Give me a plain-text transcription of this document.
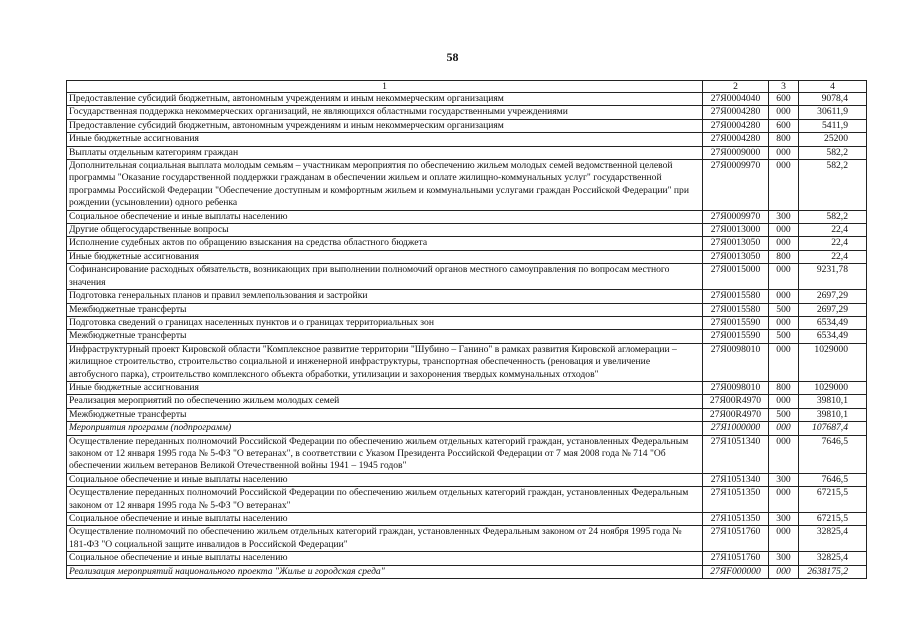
58
1	2	3	4
Предоставление субсидий бюджетным, автономным учреждениям и иным некоммерческим организациям	27Я0004040	600	9078,4
Государственная поддержка некоммерческих организаций, не являющихся областными государственными учреждениями	27Я0004280	000	30611,9
Предоставление субсидий бюджетным, автономным учреждениям и иным некоммерческим организациям	27Я0004280	600	5411,9
Иные бюджетные ассигнования	27Я0004280	800	25200
Выплаты отдельным категориям граждан	27Я0009000	000	582,2
Дополнительная социальная выплата молодым семьям – участникам мероприятия по обеспечению жильем молодых семей ведомственной целевой программы "Оказание государственной поддержки гражданам в обеспечении жильем и оплате жилищно-коммунальных услуг" государственной программы Российской Федерации "Обеспечение доступным и комфортным жильем и коммунальными услугами граждан Российской Федерации" при рождении (усыновлении) одного ребенка	27Я0009970	000	582,2
Социальное обеспечение и иные выплаты населению	27Я0009970	300	582,2
Другие общегосударственные вопросы	27Я0013000	000	22,4
Исполнение судебных актов по обращению взыскания на средства областного бюджета	27Я0013050	000	22,4
Иные бюджетные ассигнования	27Я0013050	800	22,4
Софинансирование расходных обязательств, возникающих при выполнении полномочий органов местного самоуправления по вопросам местного значения	27Я0015000	000	9231,78
Подготовка генеральных планов и правил землепользования и застройки	27Я0015580	000	2697,29
Межбюджетные трансферты	27Я0015580	500	2697,29
Подготовка сведений о границах населенных пунктов и о границах территориальных зон	27Я0015590	000	6534,49
Межбюджетные трансферты	27Я0015590	500	6534,49
Инфраструктурный проект Кировской области "Комплексное развитие территории "Шубино – Ганино" в рамках развития Кировской агломерации – жилищное строительство, строительство социальной и инженерной инфраструктуры, транспортная обеспеченность (реновация и увеличение автобусного парка), строительство комплексного объекта обработки, утилизации и захоронения твердых коммунальных отходов"	27Я0098010	000	1029000
Иные бюджетные ассигнования	27Я0098010	800	1029000
Реализация мероприятий по обеспечению жильем молодых семей	27Я00R4970	000	39810,1
Межбюджетные трансферты	27Я00R4970	500	39810,1
Мероприятия программ (подпрограмм)	27Я1000000	000	107687,4
Осуществление переданных полномочий Российской Федерации по обеспечению жильем отдельных категорий граждан, установленных Федеральным законом от 12 января 1995 года № 5-ФЗ "О ветеранах", в соответствии с Указом Президента Российской Федерации от 7 мая 2008 года № 714 "Об обеспечении жильем ветеранов Великой Отечественной войны 1941 – 1945 годов"	27Я1051340	000	7646,5
Социальное обеспечение и иные выплаты населению	27Я1051340	300	7646,5
Осуществление переданных полномочий Российской Федерации по обеспечению жильем отдельных категорий граждан, установленных Федеральным законом от 12 января 1995 года № 5-ФЗ "О ветеранах"	27Я1051350	000	67215,5
Социальное обеспечение и иные выплаты населению	27Я1051350	300	67215,5
Осуществление полномочий по обеспечению жильем отдельных категорий граждан, установленных Федеральным законом от 24 ноября 1995 года № 181-ФЗ "О социальной защите инвалидов в Российской Федерации"	27Я1051760	000	32825,4
Социальное обеспечение и иные выплаты населению	27Я1051760	300	32825,4
Реализация мероприятий национального проекта "Жилье и городская среда"	27ЯF000000	000	2638175,2
